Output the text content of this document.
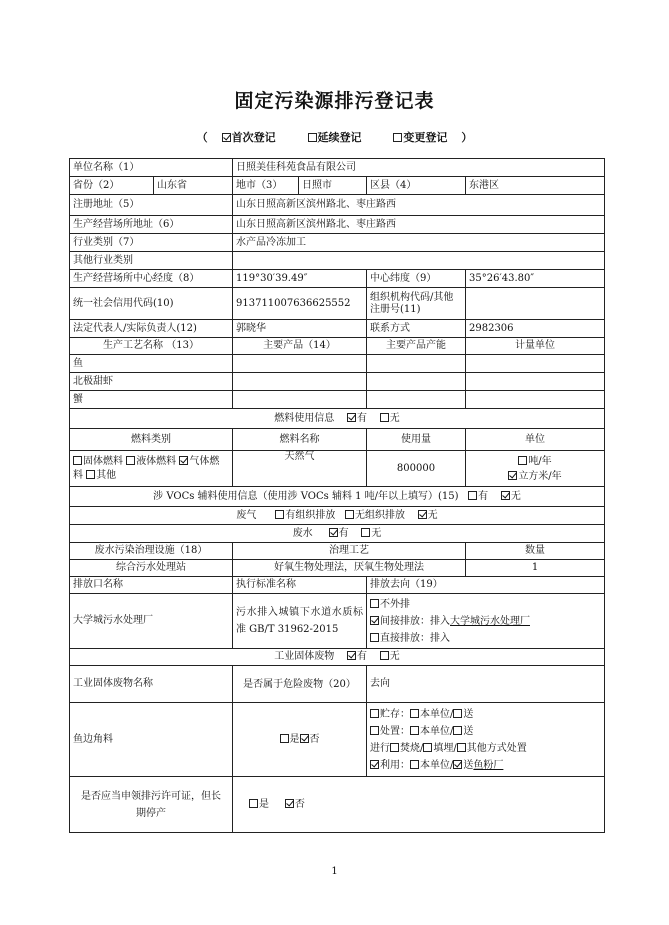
固定污染源排污登记表
（ 首次登记	延续登记	变更登记 ）
单位名称（1）		日照美佳科苑食品有限公司			
省份（2）	山东省	地市（3）	日照市	区县（4）	东港区
注册地址（5）		山东日照高新区滨州路北、枣庄路西			
生产经营场所地址（6）		山东日照高新区滨州路北、枣庄路西			
行业类别（7）		水产品冷冻加工			
其他行业类别					
生产经营场所中心经度（8）		119°30′39.49″		中心纬度（9）	35°26′43.80″
统一社会信用代码(10)		913711007636625552		组织机构代码/其他注册号(11)	
法定代表人/实际负责人(12)		郭晓华		联系方式	2982306
生产工艺名称 （13）		主要产品（14）		主要产品产能	计量单位
鱼					
北极甜虾					
蟹					
燃料使用信息 有 无					
燃料类别		燃料名称		使用量	单位
固体燃料 液体燃料 气体燃料 其他		天然气		800000	吨/年
立方米/年
涉 VOCs 辅料使用信息（使用涉 VOCs 辅料 1 吨/年以上填写）(15) 有 无					
废气 有组织排放 无组织排放 无					
废水 有 无					
废水污染治理设施（18）		治理工艺			数量
综合污水处理站		好氧生物处理法，厌氧生物处理法			1
排放口名称		执行标准名称		排放去向（19）	
大学城污水处理厂		污水排入城镇下水道水质标准 GB/T 31962-2015		不外排
间接排放：排入大学城污水处理厂
直接排放：排入	
工业固体废物 有 无					
工业固体废物名称		是否属于危险废物（20）		去向	
鱼边角料		是 否		贮存： 本单位/ 送
处置： 本单位/ 送
进行 焚烧/ 填埋/ 其他方式处置
利用： 本单位/ 送鱼粉厂	
是否应当申领排污许可证，但长期停产		是 否			
1
